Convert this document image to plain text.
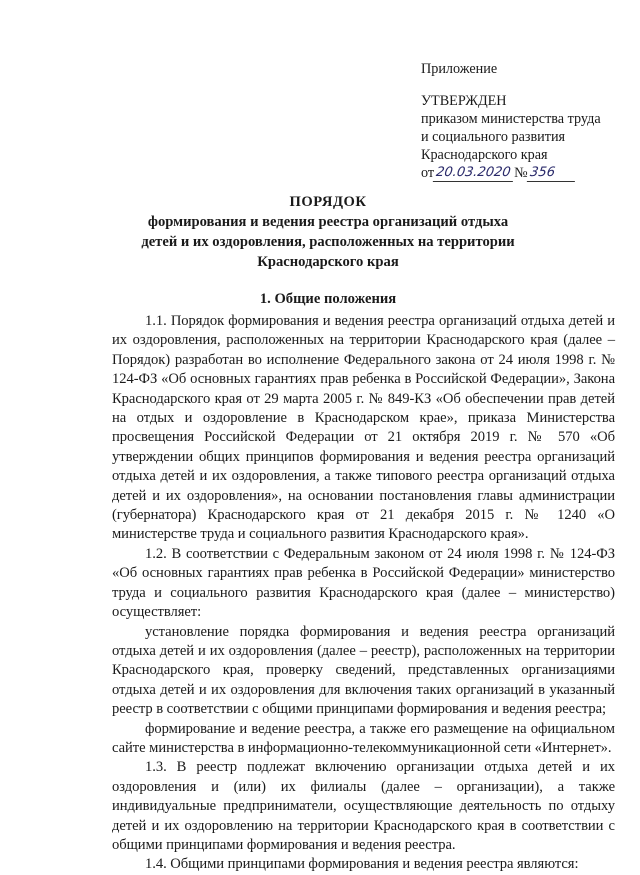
Приложение
УТВЕРЖДЕН
приказом министерства труда
и социального развития
Краснодарского края
от 20.03.2020 № 356
ПОРЯДОК
формирования и ведения реестра организаций отдыха
детей и их оздоровления, расположенных на территории
Краснодарского края
1. Общие положения

1.1. Порядок формирования и ведения реестра организаций отдыха детей и их оздоровления, расположенных на территории Краснодарского края (далее – Порядок) разработан во исполнение Федерального закона от 24 июля 1998 г. № 124-ФЗ «Об основных гарантиях прав ребенка в Российской Федерации», Закона Краснодарского края от 29 марта 2005 г. № 849-КЗ «Об обеспечении прав детей на отдых и оздоровление в Краснодарском крае», приказа Министерства просвещения Российской Федерации от 21 октября 2019 г. № 570 «Об утверждении общих принципов формирования и ведения реестра организаций отдыха детей и их оздоровления, а также типового реестра организаций отдыха детей и их оздоровления», на основании постановления главы администрации (губернатора) Краснодарского края от 21 декабря 2015 г. № 1240 «О министерстве труда и социального развития Краснодарского края».

1.2. В соответствии с Федеральным законом от 24 июля 1998 г. № 124-ФЗ «Об основных гарантиях прав ребенка в Российской Федерации» министерство труда и социального развития Краснодарского края (далее – министерство) осуществляет:

установление порядка формирования и ведения реестра организаций отдыха детей и их оздоровления (далее – реестр), расположенных на территории Краснодарского края, проверку сведений, представленных организациями отдыха детей и их оздоровления для включения таких организаций в указанный реестр в соответствии с общими принципами формирования и ведения реестра;

формирование и ведение реестра, а также его размещение на официальном сайте министерства в информационно-телекоммуникационной сети «Интернет».

1.3. В реестр подлежат включению организации отдыха детей и их оздоровления и (или) их филиалы (далее – организации), а также индивидуальные предприниматели, осуществляющие деятельность по отдыху детей и их оздоровлению на территории Краснодарского края в соответствии с общими принципами формирования и ведения реестра.

1.4. Общими принципами формирования и ведения реестра являются:
